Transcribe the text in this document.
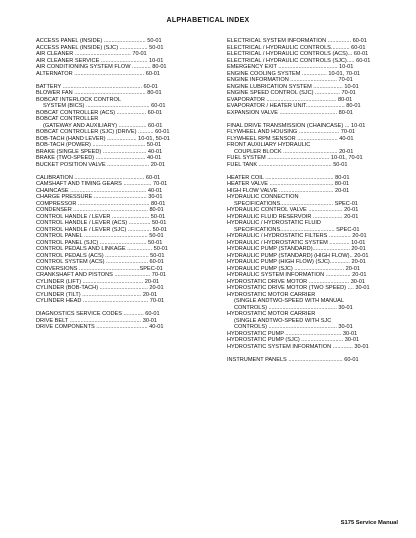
ALPHABETICAL INDEX
ACCESS PANEL (INSIDE) ........................... 50-01
ACCESS PANEL (INSIDE) (SJC) .................. 50-01
AIR CLEANER .................................... 70-01
AIR CLEANER SERVICE .............................. 10-01
AIR CONDITIONING SYSTEM FLOW ............ 80-01
ALTERNATOR ............................................. 60-01
BATTERY ................................................... 60-01
BLOWER FAN .............................................. 80-01
BOBCAT INTERLOCK CONTROL
SYSTEM (BICS) ......................................... 60-01
BOBCAT CONTROLLER (ACS) ................... 60-01
BOBCAT CONTROLLER
(GATEWAY AND AUXILIARY) .................. 60-01
BOBCAT CONTROLLER (SJC) (DRIVE) .......... 60-01
BOB-TACH (HAND LEVER) ................... 10-01, 50-01
BOB-TACH (POWER) .................................. 50-01
BRAKE (SINGLE SPEED) ............................ 40-01
BRAKE (TWO-SPEED) ................................ 40-01
BUCKET POSITION VALVE ........................... 20-01
CALIBRATION ............................................. 60-01
CAMSHAFT AND TIMING GEARS .................. 70-01
CHAINCASE ................................................. 40-01
CHARGE PRESSURE .................................. 30-01
COMPRESSOR .............................................. 80-01
CONDENSER ................................................ 80-01
CONTROL HANDLE / LEVER ........................ 50-01
CONTROL HANDLE / LEVER (ACS) .............. 50-01
CONTROL HANDLE / LEVER (SJC) ............... 50-01
CONTROL PANEL ......................................... 50-01
CONTROL PANEL (SJC) .............................. 50-01
CONTROL PEDALS AND LINKAGE ................ 50-01
CONTROL PEDALS (ACS) ............................ 50-01
CONTROL SYSTEM (ACS) ........................... 60-01
CONVERSIONS .......................................SPEC-01
CRANKSHAFT AND PISTONS ....................... 70-01
CYLINDER (LIFT) ....................................... 20-01
CYLINDER (BOB-TACH) ............................... 20-01
CYLINDER (TILT) ...................................... 20-01
CYLINDER HEAD .......................................... 70-01
DIAGNOSTICS SERVICE CODES ............. 60-01
DRIVE BELT .............................................. 30-01
DRIVE COMPONENTS ................................. 40-01
ELECTRICAL SYSTEM INFORMATION ............... 60-01
ELECTRICAL / HYDRAULIC CONTROLS............ 60-01
ELECTRICAL / HYDRAULIC CONTROLS (ACS)... 60-01
ELECTRICAL / HYDRAULIC CONTROLS (SJC)..... 60-01
EMERGENCY EXIT ...................................... 10-01
ENGINE COOLING SYSTEM ................ 10-01, 70-01
ENGINE INFORMATION .............................. 70-01
ENGINE LUBRICATION SYSTEM ................... 10-01
ENGINE SPEED CONTROL (SJC) ................ 70-01
EVAPORATOR ............................................. 80-01
EVAPORATOR / HEATER UNIT......................... 80-01
EXPANSION VALVE ..................................... 80-01
FINAL DRIVE TRANSMISSION (CHAINCASE) ... 10-01
FLYWHEEL AND HOUSING .......................... 70-01
FLYWHEEL RPM SENSOR .......................... 40-01
FRONT AUXILIARY HYDRAULIC
COUPLER BLOCK ................................... 20-01
FUEL SYSTEM ........................................ 10-01, 70-01
FUEL TANK ............................................... 50-01
HEATER COIL ............................................ 80-01
HEATER VALVE ......................................... 80-01
HIGH FLOW VALVE ................................... 20-01
HYDRAULIC CONNECTION
SPECIFICATIONS.................................. SPEC-01
HYDRAULIC CONTROL VALVE ...................... 20-01
HYDRAULIC FLUID RESERVOIR ................... 20-01
HYDRAULIC / HYDROSTATIC FLUID
SPECIFICATIONS................................... SPEC-01
HYDRAULIC / HYDROSTATIC FILTERS .............. 20-01
HYDRAULIC / HYDROSTATIC SYSTEM ............. 10-01
HYDRAULIC PUMP (STANDARD)........................ 20-01
HYDRAULIC PUMP (STANDARD) (HIGH FLOW).. 20-01
HYDRAULIC PUMP (HIGH FLOW) (SJC)............. 20-01
HYDRAULIC PUMP (SJC) ................................ 20-01
HYDRAULIC SYSTEM INFORMATION ................ 20-01
HYDROSTATIC DRIVE MOTOR .......................... 30-01
HYDROSTATIC DRIVE MOTOR (TWO SPEED) .... 30-01
HYDROSTATIC MOTOR CARRIER
(SINGLE ANDTWO-SPEED WITH MANUAL
CONTROLS) ............................................ 30-01
HYDROSTATIC MOTOR CARRIER
(SINGLE ANDTWO-SPEED WITH SJC
CONTROLS) ............................................ 30-01
HYDROSTATIC PUMP .................................... 30-01
HYDROSTATIC PUMP (SJC) ........................... 30-01
HYDROSTATIC SYSTEM INFORMATION ............. 30-01
INSTRUMENT PANELS ................................... 60-01
S175 Service Manual
